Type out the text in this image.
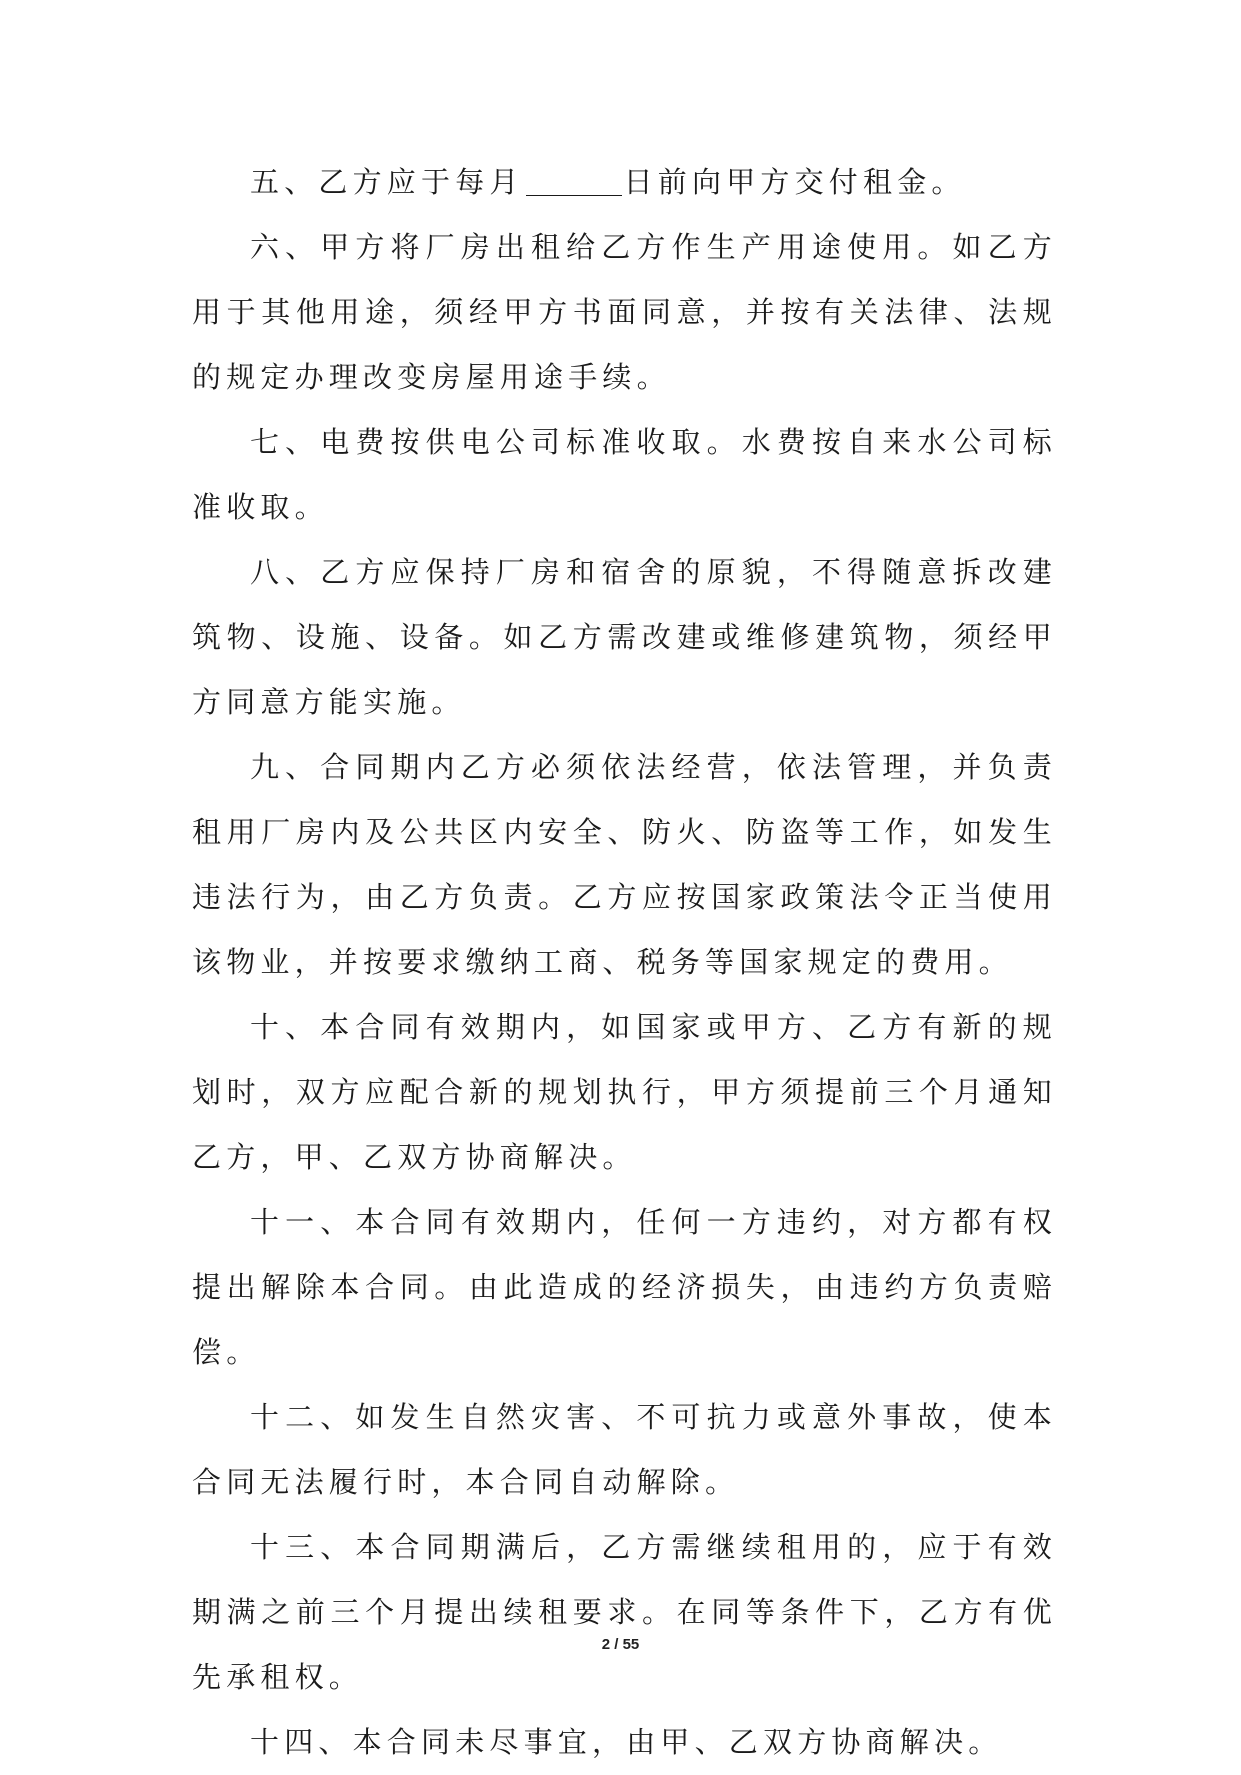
五、乙方应于每月	日前向甲方交付租金。

六、甲方将厂房出租给乙方作生产用途使用。如乙方用于其他用途，须经甲方书面同意，并按有关法律、法规的规定办理改变房屋用途手续。

七、电费按供电公司标准收取。水费按自来水公司标准收取。

八、乙方应保持厂房和宿舍的原貌，不得随意拆改建筑物、设施、设备。如乙方需改建或维修建筑物，须经甲方同意方能实施。

九、合同期内乙方必须依法经营，依法管理，并负责租用厂房内及公共区内安全、防火、防盗等工作，如发生违法行为，由乙方负责。乙方应按国家政策法令正当使用该物业，并按要求缴纳工商、税务等国家规定的费用。

十、本合同有效期内，如国家或甲方、乙方有新的规划时，双方应配合新的规划执行，甲方须提前三个月通知乙方，甲、乙双方协商解决。

十一、本合同有效期内，任何一方违约，对方都有权提出解除本合同。由此造成的经济损失，由违约方负责赔偿。

十二、如发生自然灾害、不可抗力或意外事故，使本合同无法履行时，本合同自动解除。

十三、本合同期满后，乙方需继续租用的，应于有效期满之前三个月提出续租要求。在同等条件下，乙方有优先承租权。

十四、本合同未尽事宜，由甲、乙双方协商解决。

2 / 55
